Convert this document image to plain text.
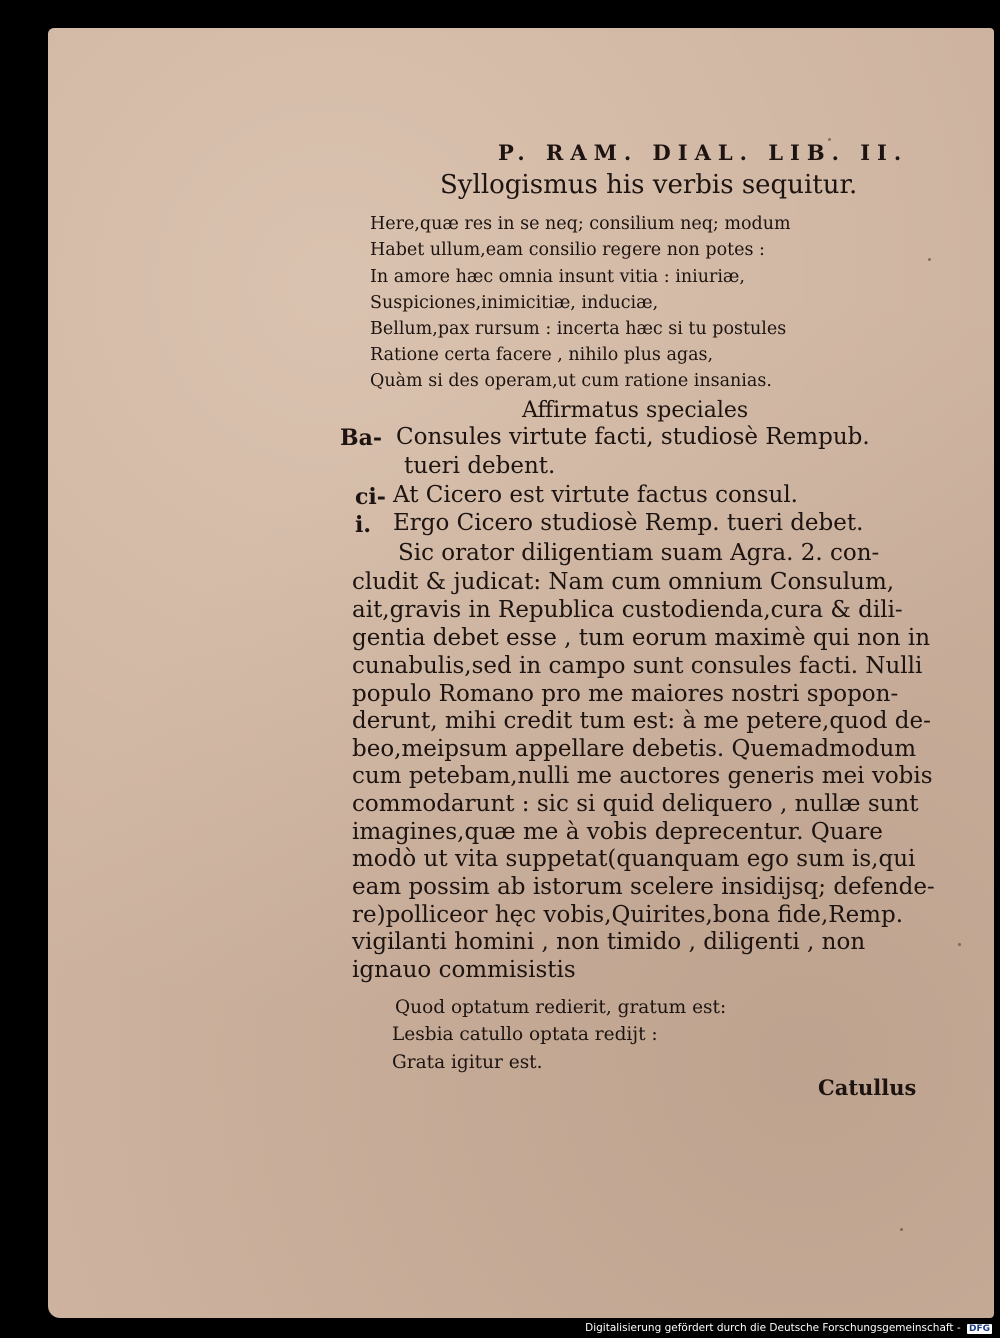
P. RAM. DIAL. LIB. II.
Syllogismus his verbis sequitur.
Here,quæ res in se neq; consilium neq; modum
Habet ullum,eam consilio regere non potes :
In amore hæc omnia insunt vitia : iniuriæ,
Suspiciones,inimicitiæ, induciæ,
Bellum,pax rursum : incerta hæc si tu postules
Ratione certa facere , nihilo plus agas,
Quàm si des operam,ut cum ratione insanias.
Affirmatus speciales
Ba- Consules virtute facti, studiosè Rempub.
tueri debent.
ci- At Cicero est virtute factus consul.
i. Ergo Cicero studiosè Remp. tueri debet.
Sic orator diligentiam suam Agra. 2. con-
cludit & judicat: Nam cum omnium Consulum,
ait,gravis in Republica custodienda,cura & dili-
gentia debet esse , tum eorum maximè qui non in
cunabulis,sed in campo sunt consules facti. Nulli
populo Romano pro me maiores nostri spopon-
derunt, mihi credit tum est: à me petere,quod de-
beo,meipsum appellare debetis. Quemadmodum
cum petebam,nulli me auctores generis mei vobis
commodarunt : sic si quid deliquero , nullæ sunt
imagines,quæ me à vobis deprecentur. Quare
modò ut vita suppetat(quanquam ego sum is,qui
eam possim ab istorum scelere insidijsq; defende-
re)polliceor hęc vobis,Quirites,bona fide,Remp.
vigilanti homini , non timido , diligenti , non
ignauo commisistis
Quod optatum redierit, gratum est:
Lesbia catullo optata redijt :
Grata igitur est.
Catullus
Digitalisierung gefördert durch die Deutsche Forschungsgemeinschaft - DFG
